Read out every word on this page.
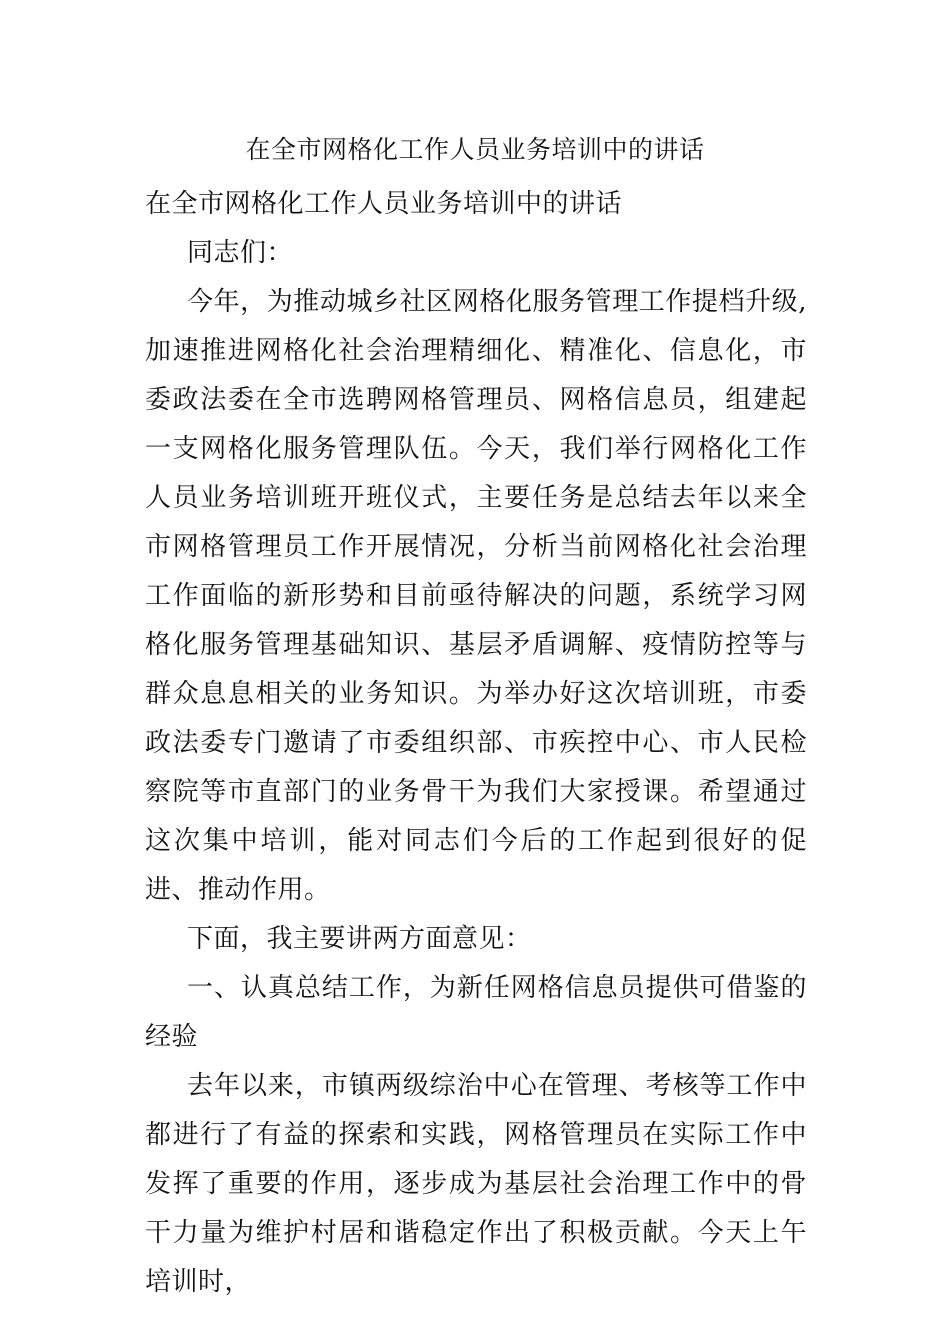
在全市网格化工作人员业务培训中的讲话

在全市网格化工作人员业务培训中的讲话

同志们：

今年，为推动城乡社区网格化服务管理工作提档升级,加速推进网格化社会治理精细化、精准化、信息化，市委政法委在全市选聘网格管理员、网格信息员，组建起一支网格化服务管理队伍。今天，我们举行网格化工作人员业务培训班开班仪式，主要任务是总结去年以来全市网格管理员工作开展情况，分析当前网格化社会治理工作面临的新形势和目前亟待解决的问题，系统学习网格化服务管理基础知识、基层矛盾调解、疫情防控等与群众息息相关的业务知识。为举办好这次培训班，市委政法委专门邀请了市委组织部、市疾控中心、市人民检察院等市直部门的业务骨干为我们大家授课。希望通过这次集中培训，能对同志们今后的工作起到很好的促进、推动作用。

下面，我主要讲两方面意见：

一、认真总结工作，为新任网格信息员提供可借鉴的经验

去年以来，市镇两级综治中心在管理、考核等工作中都进行了有益的探索和实践，网格管理员在实际工作中发挥了重要的作用，逐步成为基层社会治理工作中的骨干力量为维护村居和谐稳定作出了积极贡献。今天上午培训时，
